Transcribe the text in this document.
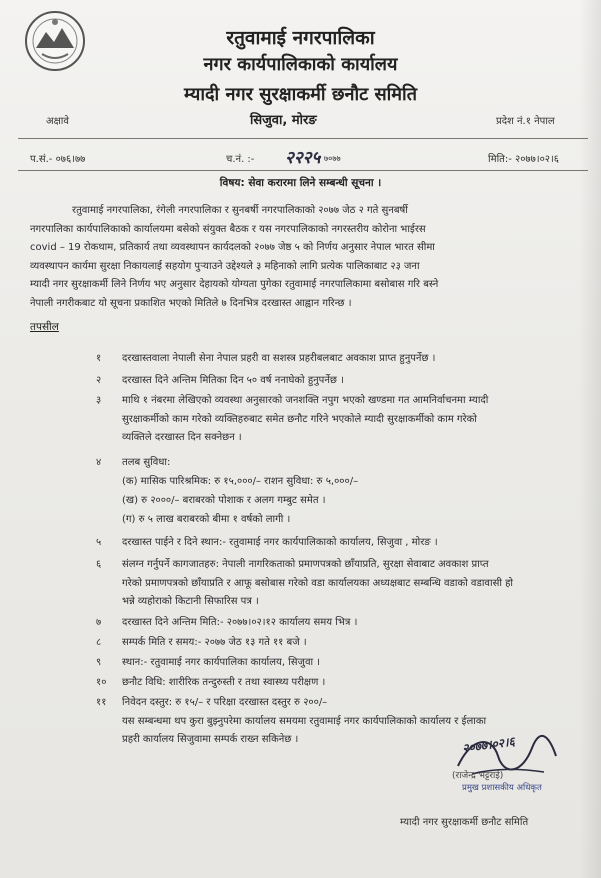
रतुवामाई नगरपालिका
नगर कार्यपालिकाको कार्यालय
म्यादी नगर सुरक्षाकर्मी छनौट समिति
सिजुवा, मोरङ
अक्षावे	प्रदेश नं.१ नेपाल
प.सं.- ०७६।७७	च.नं. :- २२२५ ७०७७	मिति:- २०७७।०२।६
विषय: सेवा करारमा लिने सम्बन्धी सूचना ।
रतुवामाई नगरपालिका, रंगेली नगरपालिका र सुनबर्षी नगरपालिकाको २०७७ जेठ २ गते सुनबर्षी
नगरपालिका कार्यपालिकाको कार्यालयमा बसेको संयुक्त बैठक र यस नगरपालिकाको नगरस्तरीय कोरोना भाईरस
covid – 19 रोकथाम, प्रतिकार्य तथा व्यवस्थापन कार्यदलको २०७७ जेष्ठ ५ को निर्णय अनुसार नेपाल भारत सीमा
व्यवस्थापन कार्यमा सुरक्षा निकायलाई सहयोग पुऱ्याउने उद्देश्यले ३ महिनाको लागि प्रत्येक पालिकाबाट २३ जना
म्यादी नगर सुरक्षाकर्मी लिने निर्णय भए अनुसार देहायको योग्यता पुगेका रतुवामाई नगरपालिकामा बसोबास गरि बस्ने
नेपाली नगरीकबाट यो सूचना प्रकाशित भएको मितिले ७ दिनभित्र दरखास्त आह्वान गरिन्छ ।
तपसील
१ दरखास्तवाला नेपाली सेना नेपाल प्रहरी वा सशस्त्र प्रहरीबलबाट अवकाश प्राप्त हुनुपर्नेछ ।
२ दरखास्त दिने अन्तिम मितिका दिन ५० वर्ष ननाघेको हुनुपर्नेछ ।
३ माथि १ नंबरमा लेखिएको व्यवस्था अनुसारको जनशक्ति नपुग भएको खण्डमा गत आमनिर्वाचनमा म्यादी
सुरक्षाकर्मीको काम गरेको व्यक्तिहरुबाट समेत छनौट गरिने भएकोले म्यादी सुरक्षाकर्मीको काम गरेको
व्यक्तिले दरखास्त दिन सक्नेछन ।
४ तलब सुविधा:
(क) मासिक पारिश्रमिक: रु १५,०००/– राशन सुविधा: रु ५,०००/–
(ख) रु २०००/– बराबरको पोशाक र अलग गम्बुट समेत ।
(ग) रु ५ लाख बराबरको बीमा १ वर्षको लागी ।
५ दरखास्त पाईने र दिने स्थान:- रतुवामाई नगर कार्यपालिकाको कार्यालय, सिजुवा , मोरङ ।
६ संलग्न गर्नुपर्ने कागजातहरु: नेपाली नागरिकताको प्रमाणपत्रको छाँयाप्रति, सुरक्षा सेवाबाट अवकाश प्राप्त
गरेको प्रमाणपत्रको छाँयाप्रति र आफू बसोबास गरेको वडा कार्यालयका अध्यक्षबाट सम्बन्धि वडाको वडावासी हो
भन्ने व्यहोराको किटानी सिफारिस पत्र ।
७ दरखास्त दिने अन्तिम मिति:- २०७७।०२।१२ कार्यालय समय भित्र ।
८ सम्पर्क मिति र समय:- २०७७ जेठ १३ गते ११ बजे ।
९ स्थान:- रतुवामाई नगर कार्यपालिका कार्यालय, सिजुवा ।
१० छनौट विधि: शारीरिक तन्दुरुस्ती र तथा स्वास्थ्य परीक्षण ।
११ निवेदन दस्तुर: रु १५/– र परिक्षा दरखास्त दस्तुर रु २००/–
यस सम्बन्धमा थप कुरा बुझ्नुपरेमा कार्यालय समयमा रतुवामाई नगर कार्यपालिकाको कार्यालय र ईलाका
प्रहरी कार्यालय सिजुवामा सम्पर्क राख्न सकिनेछ ।	२०७७।०२।६
(राजेन्द्र भट्टराई)
प्रमुख प्रशासकीय अधिकृत
म्यादी नगर सुरक्षाकर्मी छनौट समिति
